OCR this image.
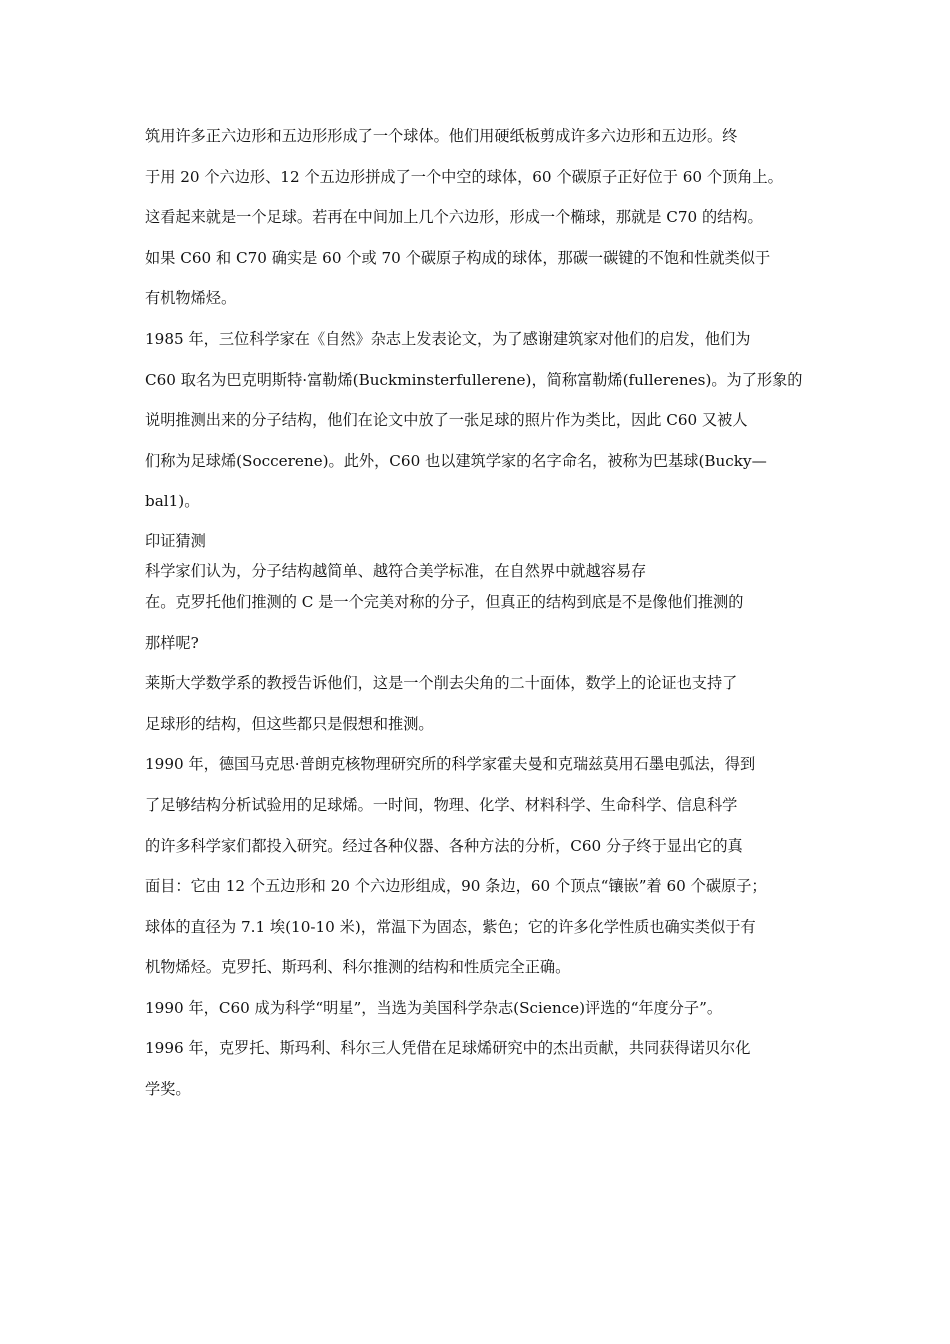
筑用许多正六边形和五边形形成了一个球体。他们用硬纸板剪成许多六边形和五边形。终
于用 20 个六边形、12 个五边形拼成了一个中空的球体，60 个碳原子正好位于 60 个顶角上。
这看起来就是一个足球。若再在中间加上几个六边形，形成一个椭球，那就是 C70 的结构。
如果 C60 和 C70 确实是 60 个或 70 个碳原子构成的球体，那碳一碳键的不饱和性就类似于
有机物烯烃。
1985 年，三位科学家在《自然》杂志上发表论文，为了感谢建筑家对他们的启发，他们为
C60 取名为巴克明斯特·富勒烯(Buckminsterfullerene)，简称富勒烯(fullerenes)。为了形象的
说明推测出来的分子结构，他们在论文中放了一张足球的照片作为类比，因此 C60 又被人
们称为足球烯(Soccerene)。此外，C60 也以建筑学家的名字命名，被称为巴基球(Bucky—
bal1)。
印证猜测
科学家们认为，分子结构越简单、越符合美学标准，在自然界中就越容易存
在。克罗托他们推测的 C 是一个完美对称的分子，但真正的结构到底是不是像他们推测的
那样呢?
莱斯大学数学系的教授告诉他们，这是一个削去尖角的二十面体，数学上的论证也支持了
足球形的结构，但这些都只是假想和推测。
1990 年，德国马克思·普朗克核物理研究所的科学家霍夫曼和克瑞兹莫用石墨电弧法，得到
了足够结构分析试验用的足球烯。一时间，物理、化学、材料科学、生命科学、信息科学
的许多科学家们都投入研究。经过各种仪器、各种方法的分析，C60 分子终于显出它的真
面目：它由 12 个五边形和 20 个六边形组成，90 条边，60 个顶点“镶嵌”着 60 个碳原子；
球体的直径为 7.1 埃(10-10 米)，常温下为固态，紫色；它的许多化学性质也确实类似于有
机物烯烃。克罗托、斯玛利、科尔推测的结构和性质完全正确。
1990 年，C60 成为科学“明星”，当选为美国科学杂志(Science)评选的“年度分子”。
1996 年，克罗托、斯玛利、科尔三人凭借在足球烯研究中的杰出贡献，共同获得诺贝尔化
学奖。
